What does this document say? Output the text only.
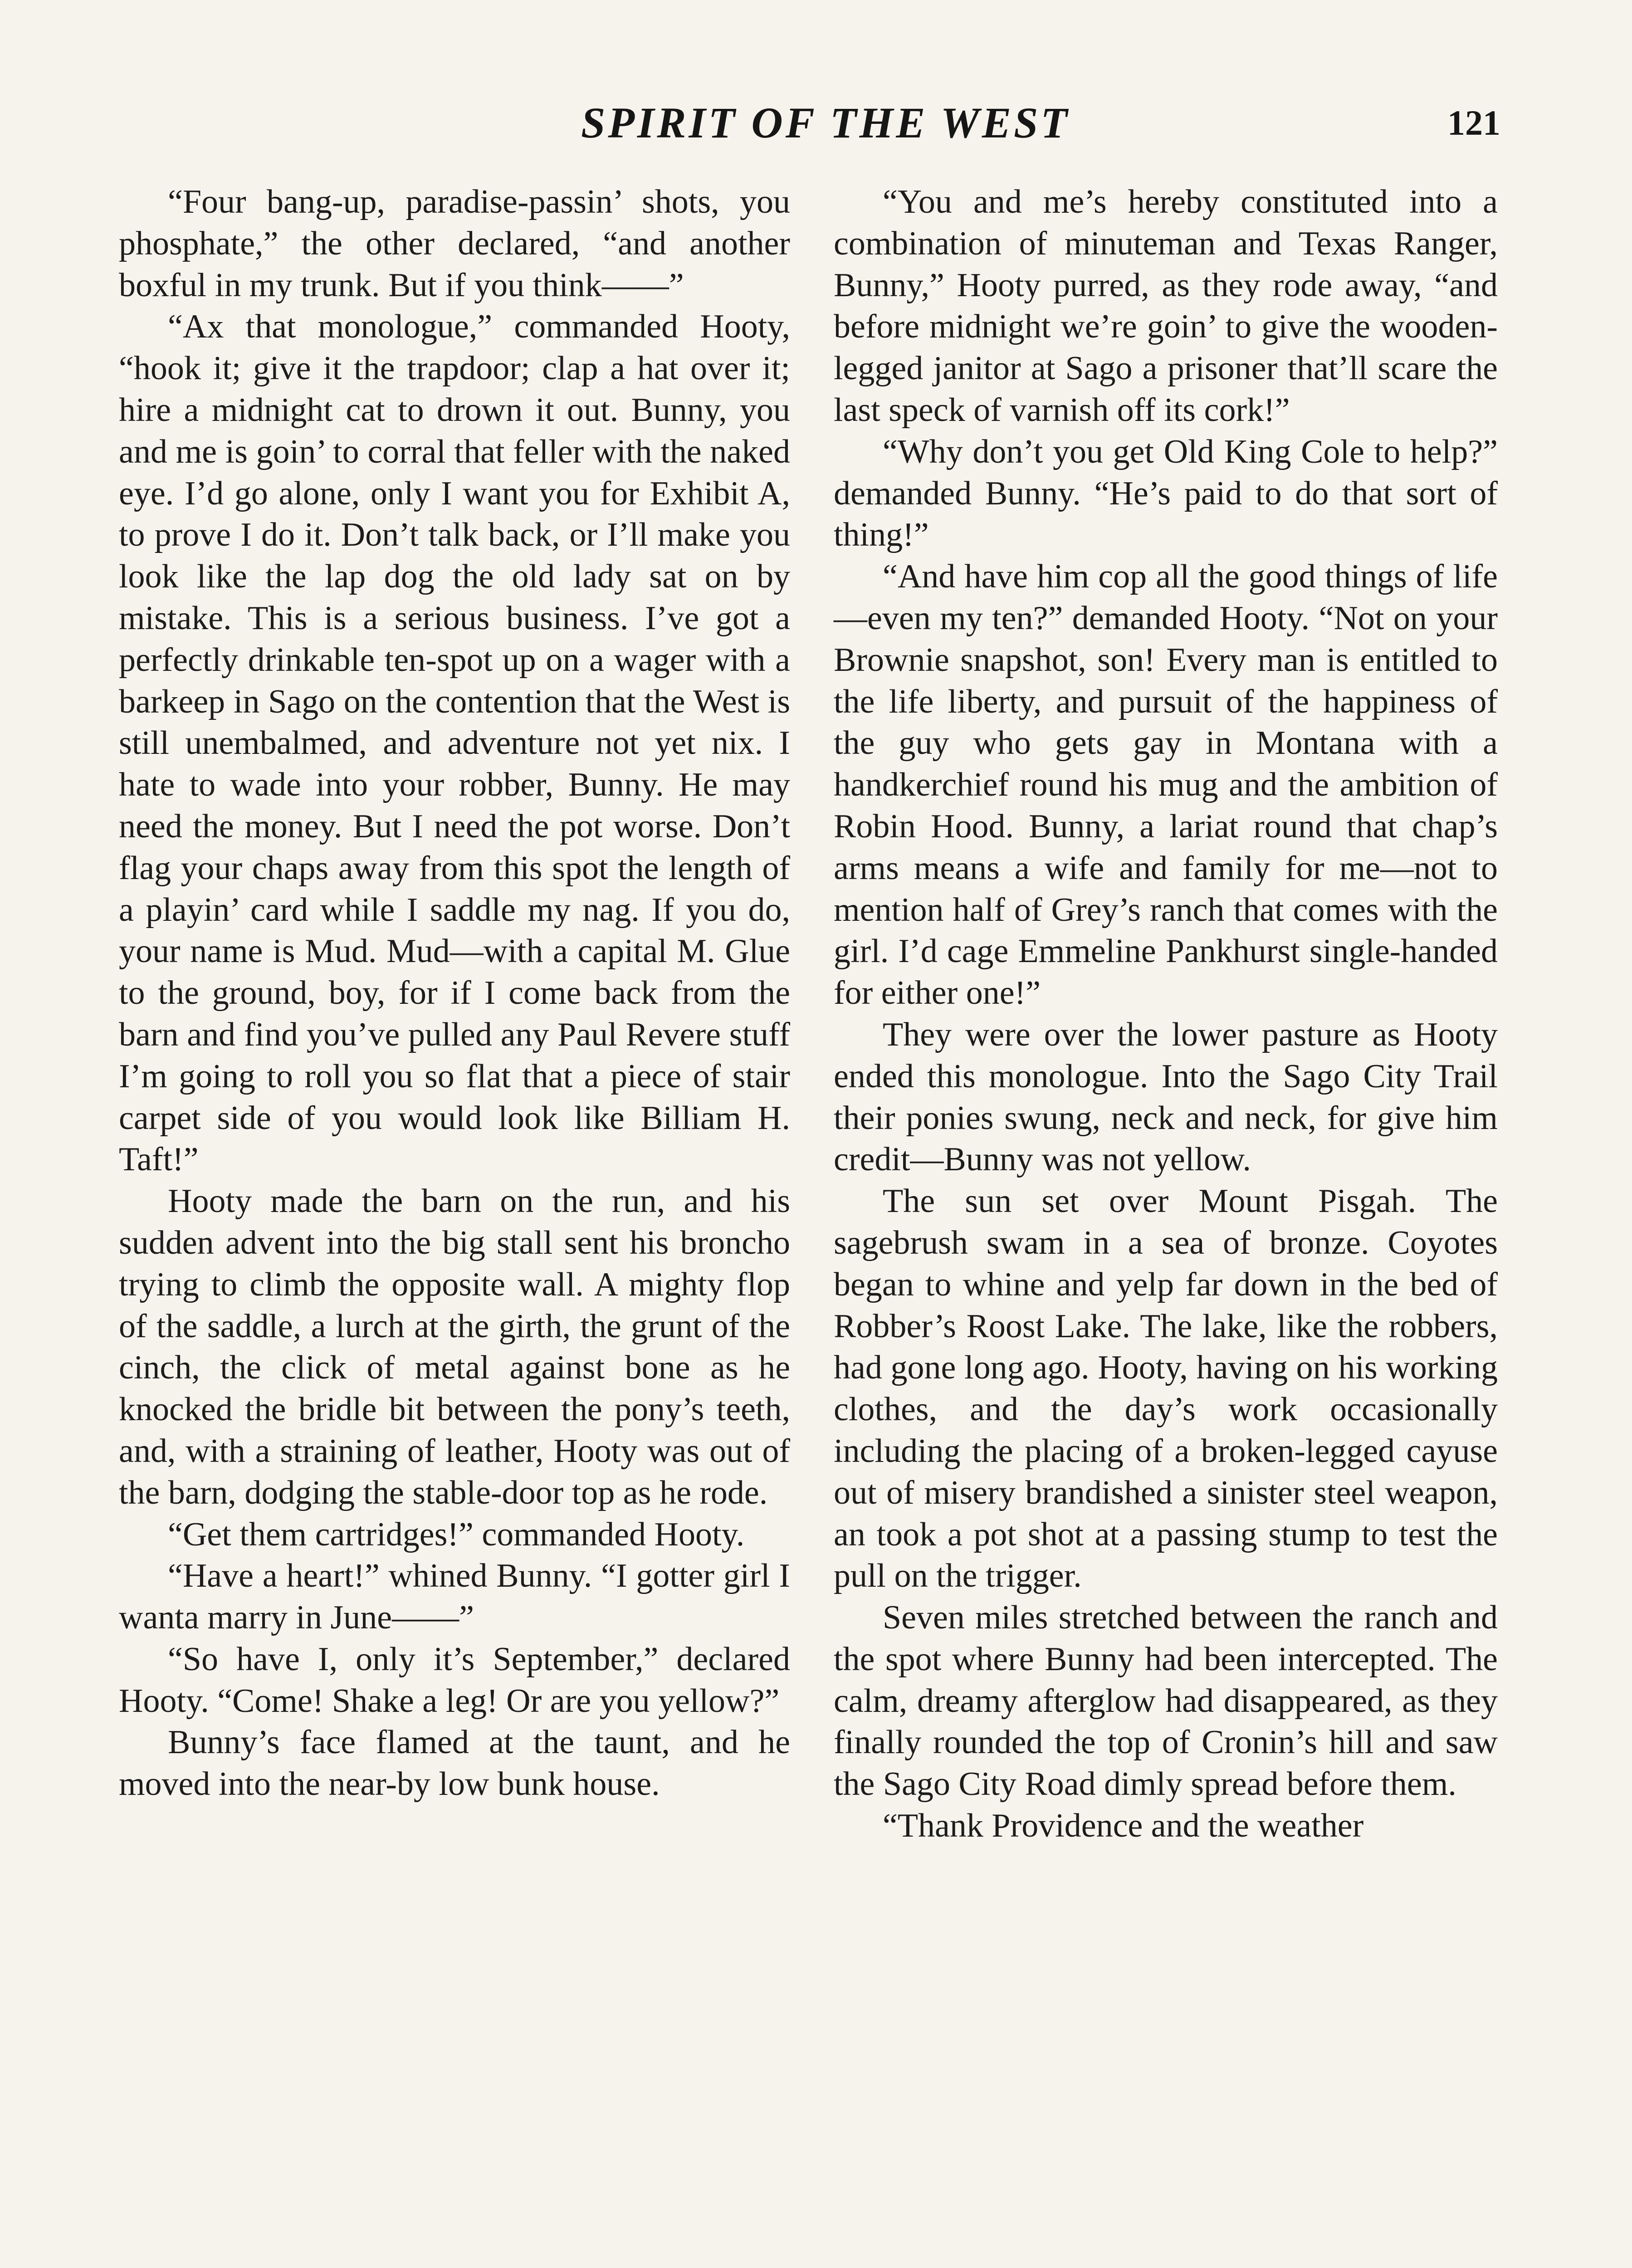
SPIRIT OF THE WEST	121

“Four bang-up, paradise-passin’ shots, you phosphate,” the other declared, “and another boxful in my trunk. But if you think——”

“Ax that monologue,” commanded Hooty, “hook it; give it the trapdoor; clap a hat over it; hire a midnight cat to drown it out. Bunny, you and me is goin’ to corral that feller with the naked eye. I’d go alone, only I want you for Exhibit A, to prove I do it. Don’t talk back, or I’ll make you look like the lap dog the old lady sat on by mistake. This is a serious business. I’ve got a perfectly drinkable ten-spot up on a wager with a barkeep in Sago on the contention that the West is still unembalmed, and adventure not yet nix. I hate to wade into your robber, Bunny. He may need the money. But I need the pot worse. Don’t flag your chaps away from this spot the length of a playin’ card while I saddle my nag. If you do, your name is Mud. Mud—with a capital M. Glue to the ground, boy, for if I come back from the barn and find you’ve pulled any Paul Revere stuff I’m going to roll you so flat that a piece of stair carpet side of you would look like Billiam H. Taft!”

Hooty made the barn on the run, and his sudden advent into the big stall sent his broncho trying to climb the opposite wall. A mighty flop of the saddle, a lurch at the girth, the grunt of the cinch, the click of metal against bone as he knocked the bridle bit between the pony’s teeth, and, with a straining of leather, Hooty was out of the barn, dodging the stable-door top as he rode.

“Get them cartridges!” commanded Hooty.

“Have a heart!” whined Bunny. “I gotter girl I wanta marry in June——”

“So have I, only it’s September,” declared Hooty. “Come! Shake a leg! Or are you yellow?”

Bunny’s face flamed at the taunt, and he moved into the near-by low bunk house.

“You and me’s hereby constituted into a combination of minuteman and Texas Ranger, Bunny,” Hooty purred, as they rode away, “and before midnight we’re goin’ to give the wooden-legged janitor at Sago a prisoner that’ll scare the last speck of varnish off its cork!”

“Why don’t you get Old King Cole to help?” demanded Bunny. “He’s paid to do that sort of thing!”

“And have him cop all the good things of life—even my ten?” demanded Hooty. “Not on your Brownie snapshot, son! Every man is entitled to the life liberty, and pursuit of the happiness of the guy who gets gay in Montana with a handkerchief round his mug and the ambition of Robin Hood. Bunny, a lariat round that chap’s arms means a wife and family for me—not to mention half of Grey’s ranch that comes with the girl. I’d cage Emmeline Pankhurst single-handed for either one!”

They were over the lower pasture as Hooty ended this monologue. Into the Sago City Trail their ponies swung, neck and neck, for give him credit—Bunny was not yellow.

The sun set over Mount Pisgah. The sagebrush swam in a sea of bronze. Coyotes began to whine and yelp far down in the bed of Robber’s Roost Lake. The lake, like the robbers, had gone long ago. Hooty, having on his working clothes, and the day’s work occasionally including the placing of a broken-legged cayuse out of misery brandished a sinister steel weapon, an took a pot shot at a passing stump to test the pull on the trigger.

Seven miles stretched between the ranch and the spot where Bunny had been intercepted. The calm, dreamy afterglow had disappeared, as they finally rounded the top of Cronin’s hill and saw the Sago City Road dimly spread before them.

“Thank Providence and the weather
